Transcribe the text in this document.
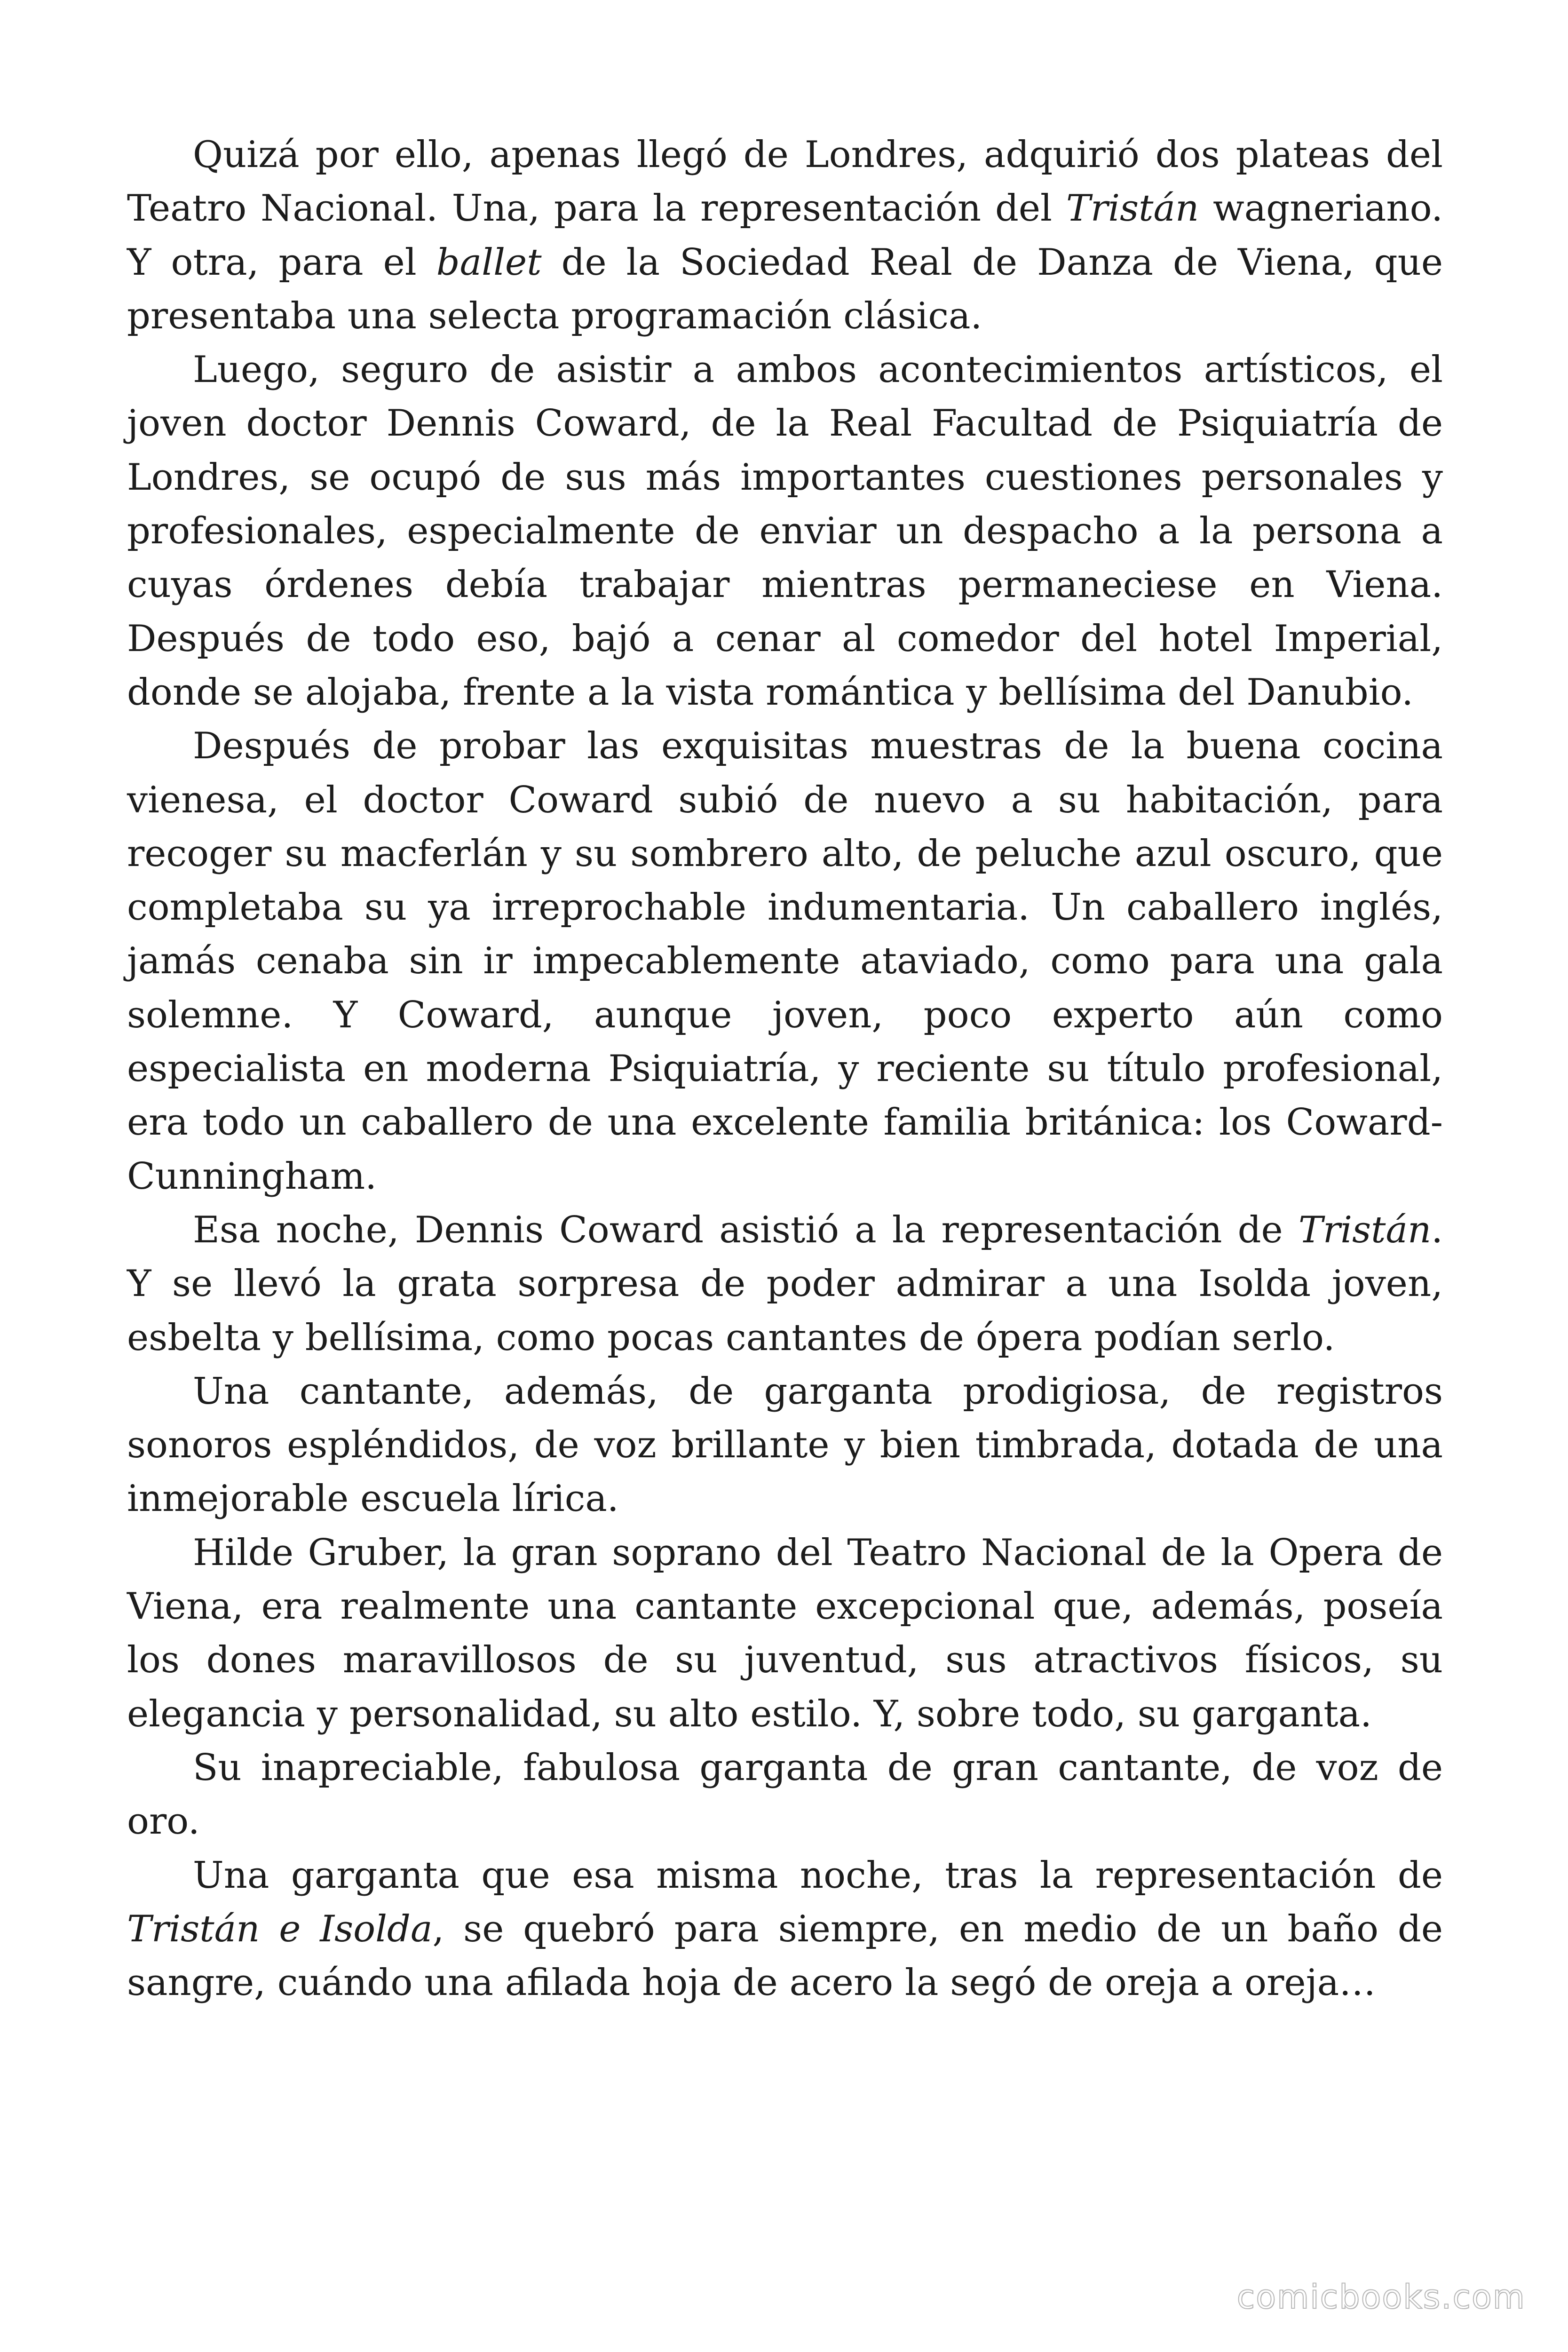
Quizá por ello, apenas llegó de Londres, adquirió dos plateas del Teatro Nacional. Una, para la representación del Tristán wagneriano. Y otra, para el ballet de la Sociedad Real de Danza de Viena, que presentaba una selecta programación clásica.

Luego, seguro de asistir a ambos acontecimientos artísticos, el joven doctor Dennis Coward, de la Real Facultad de Psiquiatría de Londres, se ocupó de sus más importantes cuestiones personales y profesionales, especialmente de enviar un despacho a la persona a cuyas órdenes debía trabajar mientras permaneciese en Viena. Después de todo eso, bajó a cenar al comedor del hotel Imperial, donde se alojaba, frente a la vista romántica y bellísima del Danubio.

Después de probar las exquisitas muestras de la buena cocina vienesa, el doctor Coward subió de nuevo a su habitación, para recoger su macferlán y su sombrero alto, de peluche azul oscuro, que completaba su ya irreprochable indumentaria. Un caballero inglés, jamás cenaba sin ir impecablemente ataviado, como para una gala solemne. Y Coward, aunque joven, poco experto aún como especialista en moderna Psiquiatría, y reciente su título profesional, era todo un caballero de una excelente familia británica: los Coward-Cunningham.

Esa noche, Dennis Coward asistió a la representación de Tristán. Y se llevó la grata sorpresa de poder admirar a una Isolda joven, esbelta y bellísima, como pocas cantantes de ópera podían serlo.

Una cantante, además, de garganta prodigiosa, de registros sonoros espléndidos, de voz brillante y bien timbrada, dotada de una inmejorable escuela lírica.

Hilde Gruber, la gran soprano del Teatro Nacional de la Opera de Viena, era realmente una cantante excepcional que, además, poseía los dones maravillosos de su juventud, sus atractivos físicos, su elegancia y personalidad, su alto estilo. Y, sobre todo, su garganta.

Su inapreciable, fabulosa garganta de gran cantante, de voz de oro.

Una garganta que esa misma noche, tras la representación de Tristán e Isolda, se quebró para siempre, en medio de un baño de sangre, cuándo una afilada hoja de acero la segó de oreja a oreja…

comicbooks.com
